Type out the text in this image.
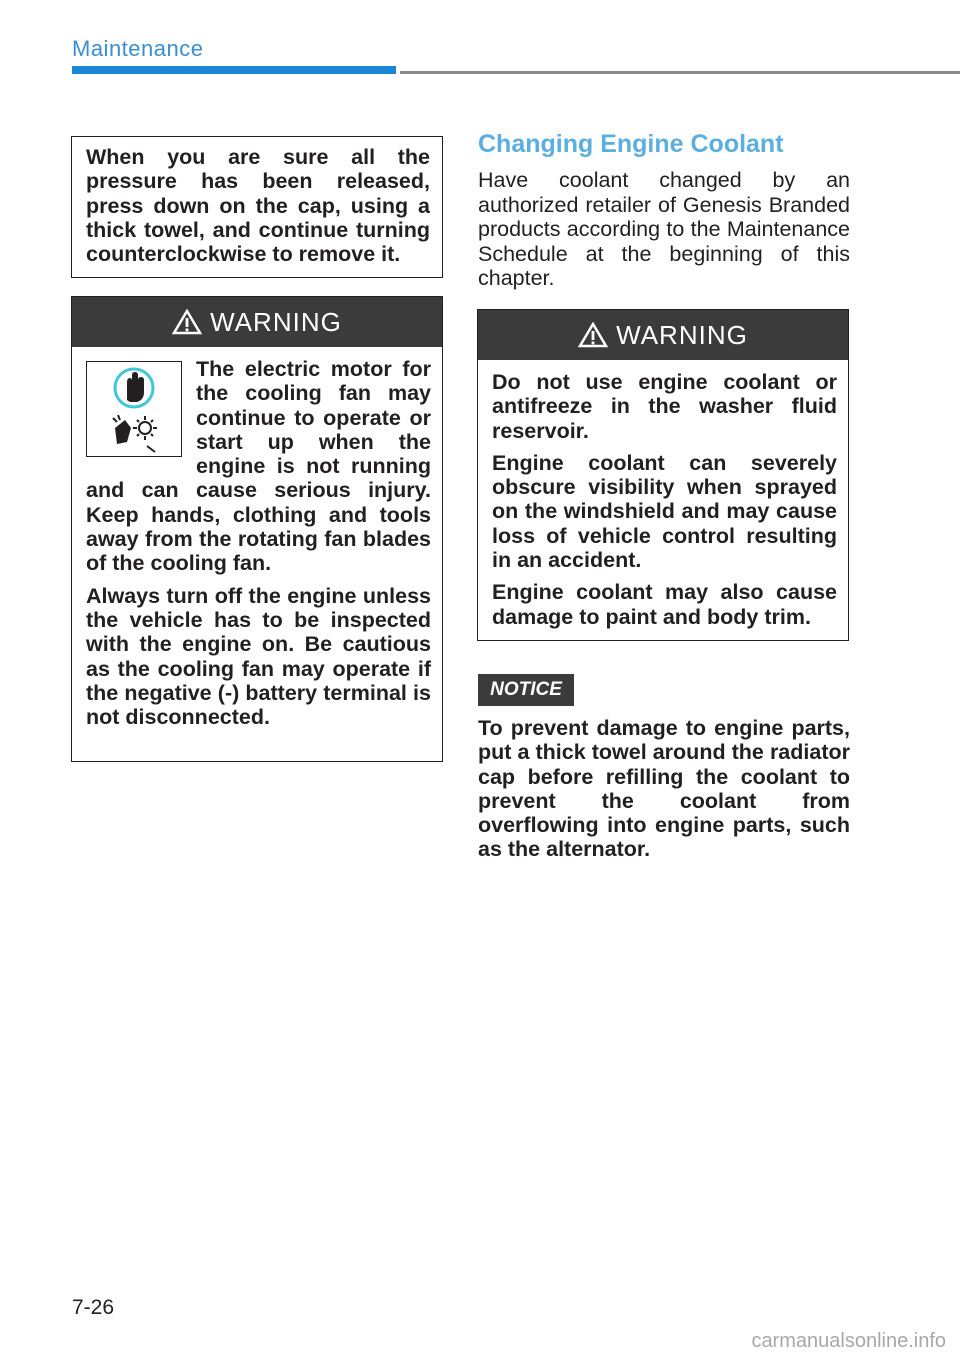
Maintenance

When you are sure all the pressure has been released, press down on the cap, using a thick towel, and continue turning counterclockwise to remove it.

WARNING

The electric motor for the cooling fan may continue to operate or start up when the engine is not running and can cause serious injury. Keep hands, clothing and tools away from the rotating fan blades of the cooling fan.

Always turn off the engine unless the vehicle has to be inspected with the engine on. Be cautious as the cooling fan may operate if the negative (-) battery terminal is not disconnected.

Changing Engine Coolant

Have coolant changed by an authorized retailer of Genesis Branded products according to the Maintenance Schedule at the beginning of this chapter.

WARNING

Do not use engine coolant or antifreeze in the washer fluid reservoir.

Engine coolant can severely obscure visibility when sprayed on the windshield and may cause loss of vehicle control resulting in an accident.

Engine coolant may also cause damage to paint and body trim.

NOTICE

To prevent damage to engine parts, put a thick towel around the radiator cap before refilling the coolant to prevent the coolant from overflowing into engine parts, such as the alternator.

7-26
carmanualsonline.info
